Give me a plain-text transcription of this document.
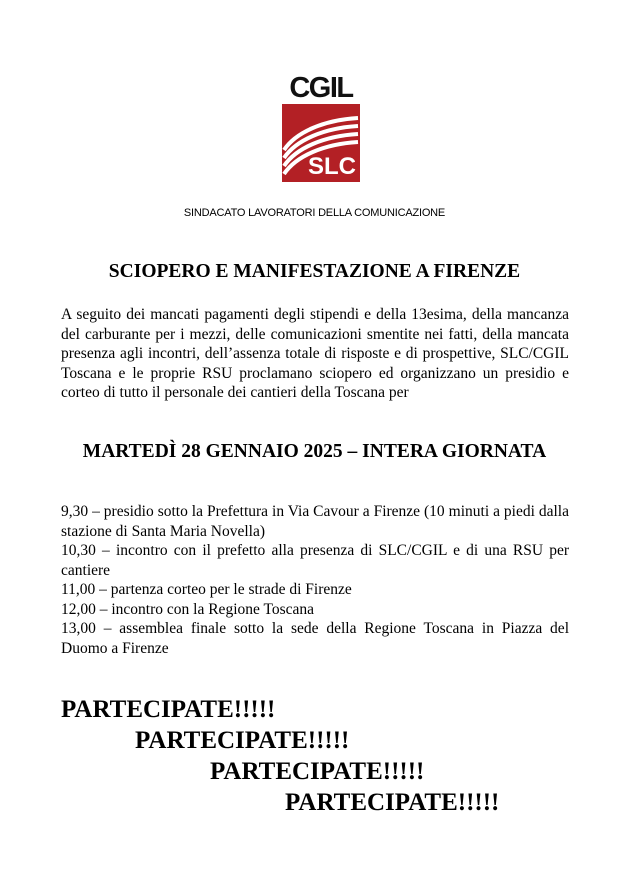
CGIL
SLC
SINDACATO LAVORATORI DELLA COMUNICAZIONE
SCIOPERO E MANIFESTAZIONE A FIRENZE

A seguito dei mancati pagamenti degli stipendi e della 13esima, della mancanza del carburante per i mezzi, delle comunicazioni smentite nei fatti, della mancata presenza agli incontri, dell’assenza totale di risposte e di prospettive, SLC/CGIL Toscana e le proprie RSU proclamano sciopero ed organizzano un presidio e corteo di tutto il personale dei cantieri della Toscana per

MARTEDÌ 28 GENNAIO 2025 – INTERA GIORNATA
9,30 – presidio sotto la Prefettura in Via Cavour a Firenze (10 minuti a piedi dalla stazione di Santa Maria Novella)
10,30 – incontro con il prefetto alla presenza di SLC/CGIL e di una RSU per cantiere
11,00 – partenza corteo per le strade di Firenze
12,00 – incontro con la Regione Toscana
13,00 – assemblea finale sotto la sede della Regione Toscana in Piazza del Duomo a Firenze
PARTECIPATE!!!!!
PARTECIPATE!!!!!
PARTECIPATE!!!!!
PARTECIPATE!!!!!
